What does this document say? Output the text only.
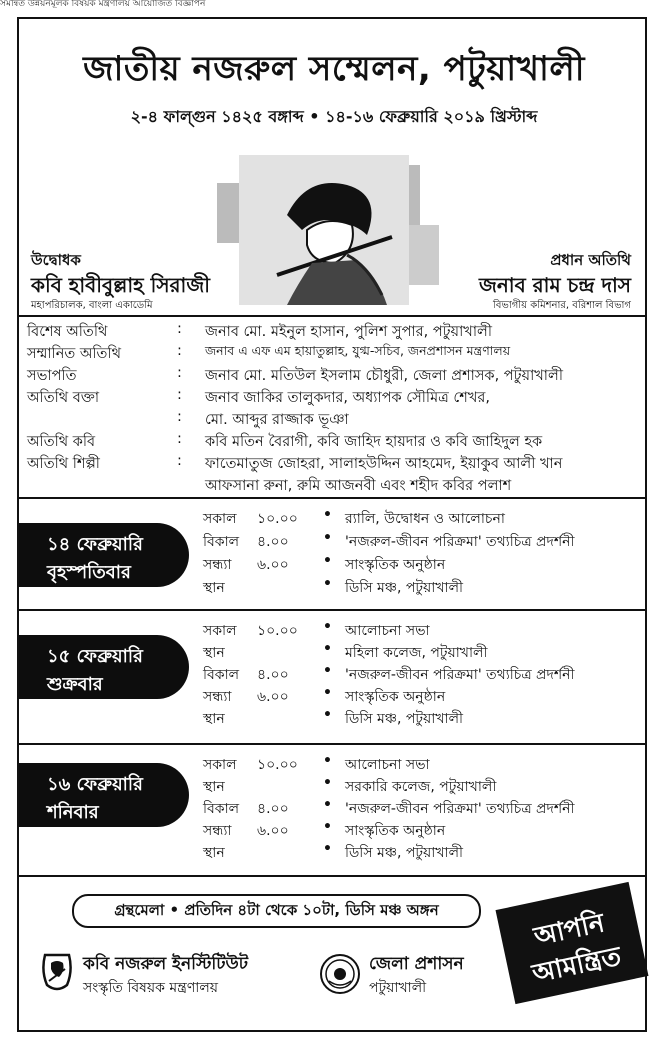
সমন্বিত উন্নয়নমূলক বিষয়ক মন্ত্রণালয় আয়োজিত বিজ্ঞাপন
জাতীয় নজরুল সম্মেলন, পটুয়াখালী
২-৪ ফাল্গুন ১৪২৫ বঙ্গাব্দ • ১৪-১৬ ফেব্রুয়ারি ২০১৯ খ্রিস্টাব্দ
উদ্বোধক
কবি হাবীবুল্লাহ সিরাজী
মহাপরিচালক, বাংলা একাডেমি
প্রধান অতিথি
জনাব রাম চন্দ্র দাস
বিভাগীয় কমিশনার, বরিশাল বিভাগ
বিশেষ অতিথি	: জনাব মো. মইনুল হাসান, পুলিশ সুপার, পটুয়াখালী
সম্মানিত অতিথি	: জনাব এ এফ এম হায়াতুল্লাহ, যুগ্ম-সচিব, জনপ্রশাসন মন্ত্রণালয়
সভাপতি	: জনাব মো. মতিউল ইসলাম চৌধুরী, জেলা প্রশাসক, পটুয়াখালী
অতিথি বক্তা	: জনাব জাকির তালুকদার, অধ্যাপক সৌমিত্র শেখর,
: মো. আব্দুর রাজ্জাক ভূঞা
অতিথি কবি	: কবি মতিন বৈরাগী, কবি জাহিদ হায়দার ও কবি জাহিদুল হক
অতিথি শিল্পী	: ফাতেমাতুজ জোহরা, সালাহউদ্দিন আহমেদ, ইয়াকুব আলী খান
আফসানা রুনা, রুমি আজনবী এবং শহীদ কবির পলাশ
১৪ ফেব্রুয়ারি
বৃহস্পতিবার
সকাল	১০.০০ • র‍্যালি, উদ্বোধন ও আলোচনা
বিকাল	৪.০০ • 'নজরুল-জীবন পরিক্রমা' তথ্যচিত্র প্রদর্শনী
সন্ধ্যা	৬.০০ • সাংস্কৃতিক অনুষ্ঠান
স্থান	• ডিসি মঞ্চ, পটুয়াখালী
১৫ ফেব্রুয়ারি
শুক্রবার
সকাল	১০.০০ • আলোচনা সভা
স্থান	• মহিলা কলেজ, পটুয়াখালী
বিকাল	৪.০০ • 'নজরুল-জীবন পরিক্রমা' তথ্যচিত্র প্রদর্শনী
সন্ধ্যা	৬.০০ • সাংস্কৃতিক অনুষ্ঠান
স্থান	• ডিসি মঞ্চ, পটুয়াখালী
১৬ ফেব্রুয়ারি
শনিবার
সকাল	১০.০০ • আলোচনা সভা
স্থান	• সরকারি কলেজ, পটুয়াখালী
বিকাল	৪.০০ • 'নজরুল-জীবন পরিক্রমা' তথ্যচিত্র প্রদর্শনী
সন্ধ্যা	৬.০০ • সাংস্কৃতিক অনুষ্ঠান
স্থান	• ডিসি মঞ্চ, পটুয়াখালী
গ্রন্থমেলা • প্রতিদিন ৪টা থেকে ১০টা, ডিসি মঞ্চ অঙ্গন	আপনি
আমন্ত্রিত
কবি নজরুল ইনস্টিটিউট
সংস্কৃতি বিষয়ক মন্ত্রণালয়
জেলা প্রশাসন
পটুয়াখালী
